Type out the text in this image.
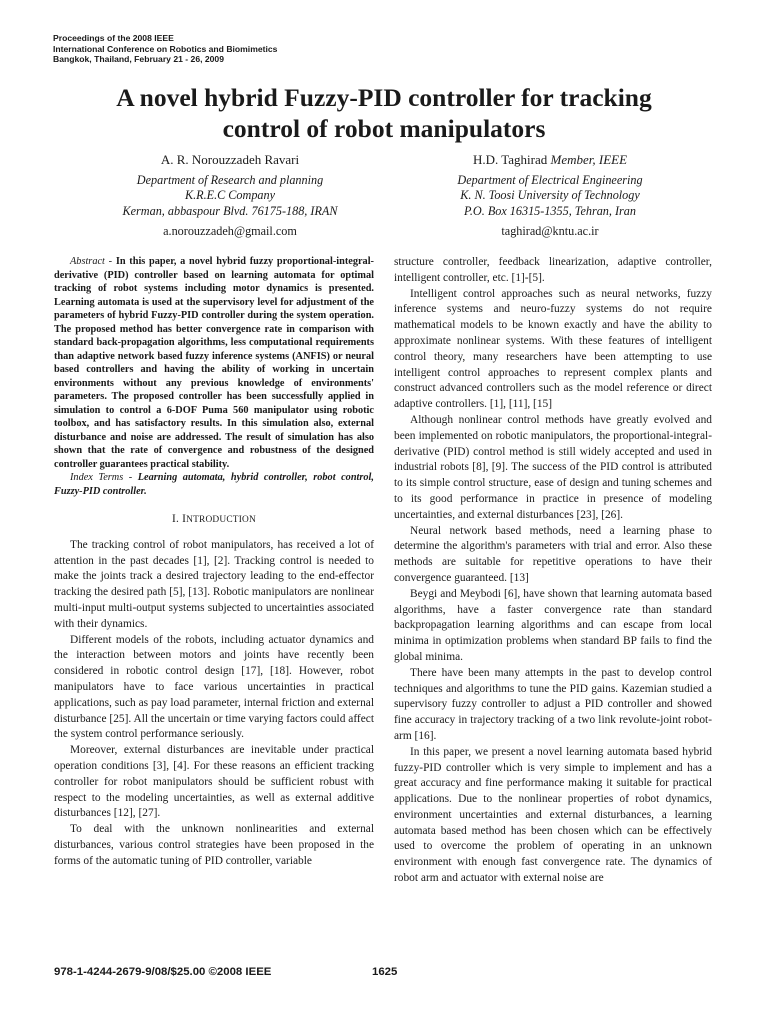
Proceedings of the 2008 IEEE
International Conference on Robotics and Biomimetics
Bangkok, Thailand, February 21 - 26, 2009
A novel hybrid Fuzzy-PID controller for tracking
control of robot manipulators
A. R. Norouzzadeh Ravari
Department of Research and planning
K.R.E.C Company
Kerman, abbaspour Blvd. 76175-188, IRAN
a.norouzzadeh@gmail.com
H.D. Taghirad Member, IEEE
Department of Electrical Engineering
K. N. Toosi University of Technology
P.O. Box 16315-1355, Tehran, Iran
taghirad@kntu.ac.ir

Abstract - In this paper, a novel hybrid fuzzy proportional-integral-derivative (PID) controller based on learning automata for optimal tracking of robot systems including motor dynamics is presented. Learning automata is used at the supervisory level for adjustment of the parameters of hybrid Fuzzy-PID controller during the system operation. The proposed method has better convergence rate in comparison with standard back-propagation algorithms, less computational requirements than adaptive network based fuzzy inference systems (ANFIS) or neural based controllers and having the ability of working in uncertain environments without any previous knowledge of environments' parameters. The proposed controller has been successfully applied in simulation to control a 6-DOF Puma 560 manipulator using robotic toolbox, and has satisfactory results. In this simulation also, external disturbance and noise are addressed. The result of simulation has also shown that the rate of convergence and robustness of the designed controller guarantees practical stability.

Index Terms - Learning automata, hybrid controller, robot control, Fuzzy-PID controller.

I. INTRODUCTION

The tracking control of robot manipulators, has received a lot of attention in the past decades [1], [2]. Tracking control is needed to make the joints track a desired trajectory leading to the end-effector tracking the desired path [5], [13]. Robotic manipulators are nonlinear multi-input multi-output systems subjected to uncertainties associated with their dynamics.

Different models of the robots, including actuator dynamics and the interaction between motors and joints have recently been considered in robotic control design [17], [18]. However, robot manipulators have to face various uncertainties in practical applications, such as pay load parameter, internal friction and external disturbance [25]. All the uncertain or time varying factors could affect the system control performance seriously.

Moreover, external disturbances are inevitable under practical operation conditions [3], [4]. For these reasons an efficient tracking controller for robot manipulators should be sufficient robust with respect to the modeling uncertainties, as well as external additive disturbances [12], [27].

To deal with the unknown nonlinearities and external disturbances, various control strategies have been proposed in the forms of the automatic tuning of PID controller, variable

structure controller, feedback linearization, adaptive controller, intelligent controller, etc. [1]-[5].

Intelligent control approaches such as neural networks, fuzzy inference systems and neuro-fuzzy systems do not require mathematical models to be known exactly and have the ability to approximate nonlinear systems. With these features of intelligent control theory, many researchers have been attempting to use intelligent control approaches to represent complex plants and construct advanced controllers such as the model reference or direct adaptive controllers. [1], [11], [15]

Although nonlinear control methods have greatly evolved and been implemented on robotic manipulators, the proportional-integral-derivative (PID) control method is still widely accepted and used in industrial robots [8], [9]. The success of the PID control is attributed to its simple control structure, ease of design and tuning schemes and to its good performance in practice in presence of modeling uncertainties, and external disturbances [23], [26].

Neural network based methods, need a learning phase to determine the algorithm's parameters with trial and error. Also these methods are suitable for repetitive operations to have their convergence guaranteed. [13]

Beygi and Meybodi [6], have shown that learning automata based algorithms, have a faster convergence rate than standard backpropagation learning algorithms and can escape from local minima in optimization problems when standard BP fails to find the global minima.

There have been many attempts in the past to develop control techniques and algorithms to tune the PID gains. Kazemian studied a supervisory fuzzy controller to adjust a PID controller and showed fine accuracy in trajectory tracking of a two link revolute-joint robot-arm [16].

In this paper, we present a novel learning automata based hybrid fuzzy-PID controller which is very simple to implement and has a great accuracy and fine performance making it suitable for practical applications. Due to the nonlinear properties of robot dynamics, environment uncertainties and external disturbances, a learning automata based method has been chosen which can be effectively used to overcome the problem of operating in an unknown environment with enough fast convergence rate. The dynamics of robot arm and actuator with external noise are

978-1-4244-2679-9/08/$25.00 ©2008 IEEE	1625
